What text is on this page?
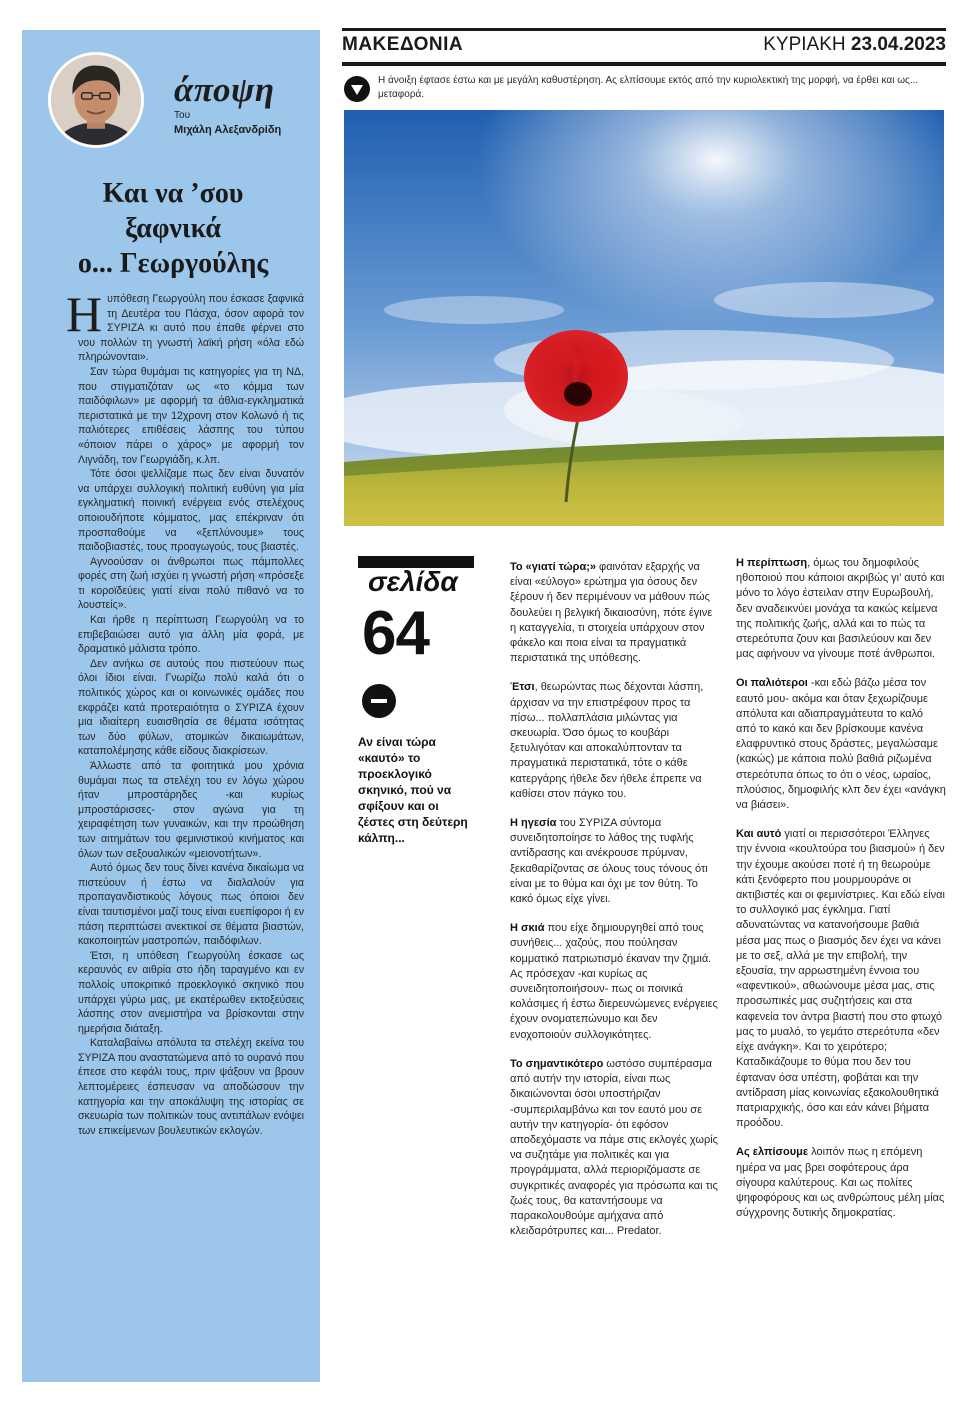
άποψη
Του
Μιχάλη Αλεξανδρίδη
Και να ’σου
ξαφνικά
ο... Γεωργούλης

Ηυπόθεση Γεωργούλη που έσκασε ξαφνικά τη Δευτέρα του Πάσχα, όσον αφορά τον ΣΥΡΙΖΑ κι αυτό που έπαθε φέρνει στο νου πολλών τη γνωστή λαϊκή ρήση «όλα εδώ πληρώνονται».

Σαν τώρα θυμάμαι τις κατηγορίες για τη ΝΔ, που στιγματιζόταν ως «το κόμμα των παιδόφιλων» με αφορμή τα άθλια-εγκληματικά περιστατικά με την 12χρονη στον Κολωνό ή τις παλιότερες επιθέσεις λάσπης του τύπου «όποιον πάρει ο χάρος» με αφορμή τον Λιγνάδη, τον Γεωργιάδη, κ.λπ.

Τότε όσοι ψελλίζαμε πως δεν είναι δυνατόν να υπάρχει συλλογική πολιτική ευθύνη για μία εγκληματική ποινική ενέργεια ενός στελέχους οποιουδήποτε κόμματος, μας επέκριναν ότι προσπαθούμε να «ξεπλύνουμε» τους παιδοβιαστές, τους προαγωγούς, τους βιαστές.

Αγνοούσαν οι άνθρωποι πως πάμπολλες φορές στη ζωή ισχύει η γνωστή ρήση «πρόσεξε τι κοροϊδεύεις γιατί είναι πολύ πιθανό να το λουστείς».

Και ήρθε η περίπτωση Γεωργούλη να το επιβεβαιώσει αυτό για άλλη μία φορά, με δραματικό μάλιστα τρόπο.

Δεν ανήκω σε αυτούς που πιστεύουν πως όλοι ίδιοι είναι. Γνωρίζω πολύ καλά ότι ο πολιτικός χώρος και οι κοινωνικές ομάδες που εκφράζει κατά προτεραιότητα ο ΣΥΡΙΖΑ έχουν μια ιδιαίτερη ευαισθησία σε θέματα ισότητας των δύο φύλων, ατομικών δικαιωμάτων, καταπολέμησης κάθε είδους διακρίσεων.

Άλλωστε από τα φοιτητικά μου χρόνια θυμάμαι πως τα στελέχη του εν λόγω χώρου ήταν μπροστάρηδες -και κυρίως μπροστάρισσες- στον αγώνα για τη χειραφέτηση των γυναικών, και την προώθηση των αιτημάτων του φεμινιστικού κινήματος και όλων των σεξουαλικών «μειονοτήτων».

Αυτό όμως δεν τους δίνει κανένα δικαίωμα να πιστεύουν ή έστω να διαλαλούν για προπαγανδιστικούς λόγους πως όποιοι δεν είναι ταυτισμένοι μαζί τους είναι ευεπίφοροι ή εν πάση περιπτώσει ανεκτικοί σε θέματα βιαστών, κακοποιητών μαστροπών, παιδόφιλων.

Έτσι, η υπόθεση Γεωργούλη έσκασε ως κεραυνός εν αιθρία στο ήδη ταραγμένο και εν πολλοίς υποκριτικό προεκλογικό σκηνικό που υπάρχει γύρω μας, με εκατέρωθεν εκτοξεύσεις λάσπης στον ανεμιστήρα να βρίσκονται στην ημερήσια διάταξη.

Καταλαβαίνω απόλυτα τα στελέχη εκείνα του ΣΥΡΙΖΑ που αναστατώμενα από το ουρανό που έπεσε στο κεφάλι τους, πριν ψάξουν να βρουν λεπτομέρειες έσπευσαν να αποδώσουν την κατηγορία και την αποκάλυψη της ιστορίας σε σκευωρία των πολιτικών τους αντιπάλων ενόψει των επικείμενων βουλευτικών εκλογών.

ΜΑΚΕΔΟΝΙΑ	ΚΥΡΙΑΚΗ 23.04.2023
Η άνοιξη έφτασε έστω και με μεγάλη καθυστέρηση. Ας ελπίσουμε εκτός από την κυριολεκτική της μορφή, να έρθει και ως... μεταφορά.
σελίδα
64
Αν είναι τώρα «καυτό» το προεκλογικό σκηνικό, πού να σφίξουν και οι ζέστες στη δεύτερη κάλπη...

Το «γιατί τώρα;» φαινόταν εξαρχής να είναι «εύλογο» ερώτημα για όσους δεν ξέρουν ή δεν περιμένουν να μάθουν πώς δουλεύει η βελγική δικαιοσύνη, πότε έγινε η καταγγελία, τι στοιχεία υπάρχουν στον φάκελο και ποια είναι τα πραγματικά περιστατικά της υπόθεσης.

Έτσι, θεωρώντας πως δέχονται λάσπη, άρχισαν να την επιστρέφουν προς τα πίσω... πολλαπλάσια μιλώντας για σκευωρία. Όσο όμως το κουβάρι ξετυλιγόταν και αποκαλύπτονταν τα πραγματικά περιστατικά, τότε ο κάθε κατεργάρης ήθελε δεν ήθελε έπρεπε να καθίσει στον πάγκο του.

Η ηγεσία του ΣΥΡΙΖΑ σύντομα συνειδητοποίησε το λάθος της τυφλής αντίδρασης και ανέκρουσε πρύμναν, ξεκαθαρίζοντας σε όλους τους τόνους ότι είναι με το θύμα και όχι με τον θύτη. Το κακό όμως είχε γίνει.

Η σκιά που είχε δημιουργηθεί από τους συνήθεις... χαζούς, που πούλησαν κομματικό πατριωτισμό έκαναν την ζημιά. Ας πρόσεχαν -και κυρίως ας συνειδητοποιήσουν- πως οι ποινικά κολάσιμες ή έστω διερευνώμενες ενέργειες έχουν ονοματεπώνυμο και δεν ενοχοποιούν συλλογικότητες.

Το σημαντικότερο ωστόσο συμπέρασμα από αυτήν την ιστορία, είναι πως δικαιώνονται όσοι υποστήριζαν -συμπεριλαμβάνω και τον εαυτό μου σε αυτήν την κατηγορία- ότι εφόσον αποδεχόμαστε να πάμε στις εκλογές χωρίς να συζητάμε για πολιτικές και για προγράμματα, αλλά περιοριζόμαστε σε συγκριτικές αναφορές για πρόσωπα και τις ζωές τους, θα καταντήσουμε να παρακολουθούμε αμήχανα από κλειδαρότρυπες και... Predator.

Η περίπτωση, όμως του δημοφιλούς ηθοποιού που κάποιοι ακριβώς γι’ αυτό και μόνο το λόγο έστειλαν στην Ευρωβουλή, δεν αναδεικνύει μονάχα τα κακώς κείμενα της πολιτικής ζωής, αλλά και το πώς τα στερεότυπα ζουν και βασιλεύουν και δεν μας αφήνουν να γίνουμε ποτέ άνθρωποι.

Οι παλιότεροι -και εδώ βάζω μέσα τον εαυτό μου- ακόμα και όταν ξεχωρίζουμε απόλυτα και αδιαπραγμάτευτα το καλό από το κακό και δεν βρίσκουμε κανένα ελαφρυντικό στους δράστες, μεγαλώσαμε (κακώς) με κάποια πολύ βαθιά ριζωμένα στερεότυπα όπως το ότι ο νέος, ωραίος, πλούσιος, δημοφιλής κλπ δεν έχει «ανάγκη να βιάσει».

Και αυτό γιατί οι περισσότεροι Έλληνες την έννοια «κουλτούρα του βιασμού» ή δεν την έχουμε ακούσει ποτέ ή τη θεωρούμε κάτι ξενόφερτο που μουρμουράνε οι ακτιβιστές και οι φεμινίστριες. Και εδώ είναι το συλλογικό μας έγκλημα. Γιατί αδυνατώντας να κατανοήσουμε βαθιά μέσα μας πως ο βιασμός δεν έχει να κάνει με το σεξ, αλλά με την επιβολή, την εξουσία, την αρρωστημένη έννοια του «αφεντικού», αθωώνουμε μέσα μας, στις προσωπικές μας συζητήσεις και στα καφενεία τον άντρα βιαστή που στο φτωχό μας το μυαλό, το γεμάτο στερεότυπα «δεν είχε ανάγκη». Και το χειρότερο; Καταδικάζουμε το θύμα που δεν του έφταναν όσα υπέστη, φοβάται και την αντίδραση μίας κοινωνίας εξακολουθητικά πατριαρχικής, όσο και εάν κάνει βήματα προόδου.

Ας ελπίσουμε λοιπόν πως η επόμενη ημέρα να μας βρει σοφότερους άρα σίγουρα καλύτερους. Και ως πολίτες ψηφοφόρους και ως ανθρώπους μέλη μίας σύγχρονης δυτικής δημοκρατίας.
